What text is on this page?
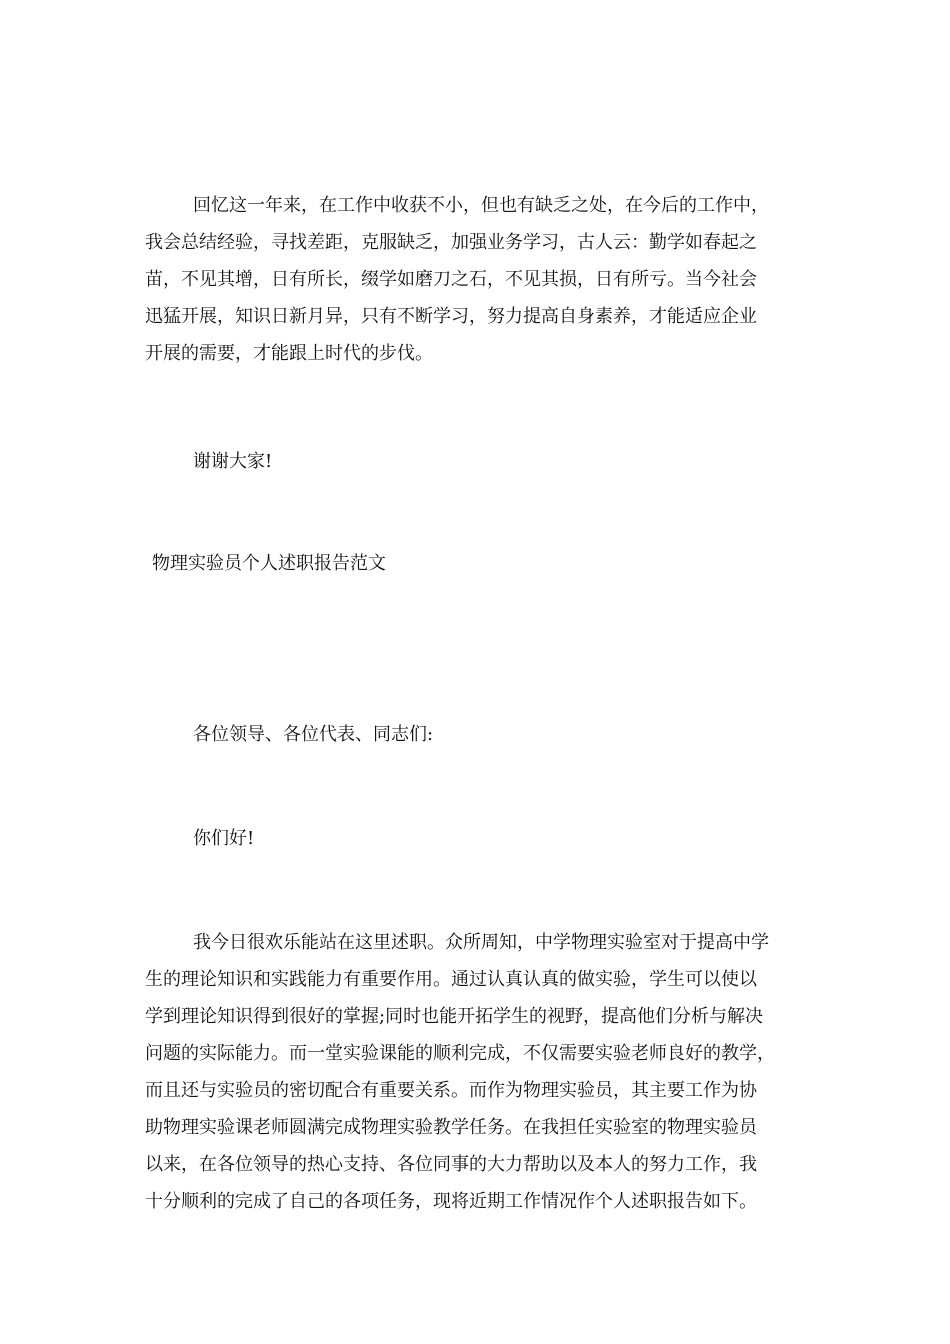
回忆这一年来，在工作中收获不小，但也有缺乏之处，在今后的工作中，
我会总结经验，寻找差距，克服缺乏，加强业务学习，古人云：勤学如春起之
苗，不见其增，日有所长，缀学如磨刀之石，不见其损，日有所亏。当今社会
迅猛开展，知识日新月异，只有不断学习，努力提高自身素养，才能适应企业
开展的需要，才能跟上时代的步伐。

谢谢大家!

物理实验员个人述职报告范文

各位领导、各位代表、同志们:

你们好!

我今日很欢乐能站在这里述职。众所周知，中学物理实验室对于提高中学
生的理论知识和实践能力有重要作用。通过认真认真的做实验，学生可以使以
学到理论知识得到很好的掌握;同时也能开拓学生的视野，提高他们分析与解决
问题的实际能力。而一堂实验课能的顺利完成，不仅需要实验老师良好的教学，
而且还与实验员的密切配合有重要关系。而作为物理实验员，其主要工作为协
助物理实验课老师圆满完成物理实验教学任务。在我担任实验室的物理实验员
以来，在各位领导的热心支持、各位同事的大力帮助以及本人的努力工作，我
十分顺利的完成了自己的各项任务，现将近期工作情况作个人述职报告如下。
